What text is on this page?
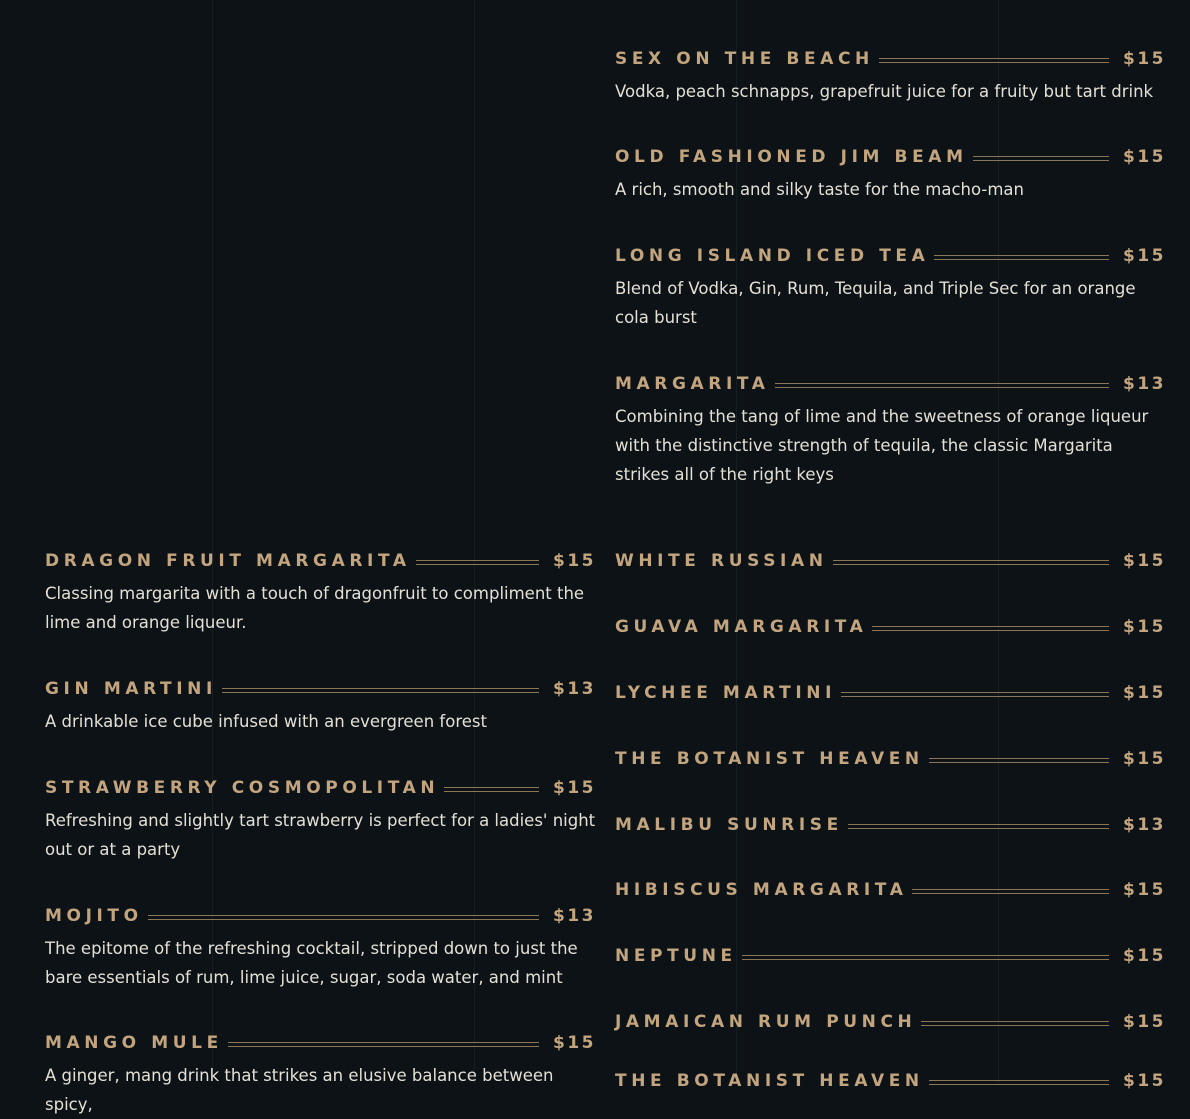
DRAGON FRUIT MARGARITA	$15
Classing margarita with a touch of dragonfruit to compliment the lime and orange liqueur.
GIN MARTINI	$13
A drinkable ice cube infused with an evergreen forest
STRAWBERRY COSMOPOLITAN	$15
Refreshing and slightly tart strawberry is perfect for a ladies' night out or at a party
MOJITO	$13
The epitome of the refreshing cocktail, stripped down to just the bare essentials of rum, lime juice, sugar, soda water, and mint
MANGO MULE	$15
A ginger, mang drink that strikes an elusive balance between spicy,
SEX ON THE BEACH	$15
Vodka, peach schnapps, grapefruit juice for a fruity but tart drink
OLD FASHIONED JIM BEAM	$15
A rich, smooth and silky taste for the macho-man
LONG ISLAND ICED TEA	$15
Blend of Vodka, Gin, Rum, Tequila, and Triple Sec for an orange cola burst
MARGARITA	$13
Combining the tang of lime and the sweetness of orange liqueur with the distinctive strength of tequila, the classic Margarita strikes all of the right keys
WHITE RUSSIAN	$15
GUAVA MARGARITA	$15
LYCHEE MARTINI	$15
THE BOTANIST HEAVEN	$15
MALIBU SUNRISE	$13
HIBISCUS MARGARITA	$15
NEPTUNE	$15
JAMAICAN RUM PUNCH	$15
THE BOTANIST HEAVEN	$15
